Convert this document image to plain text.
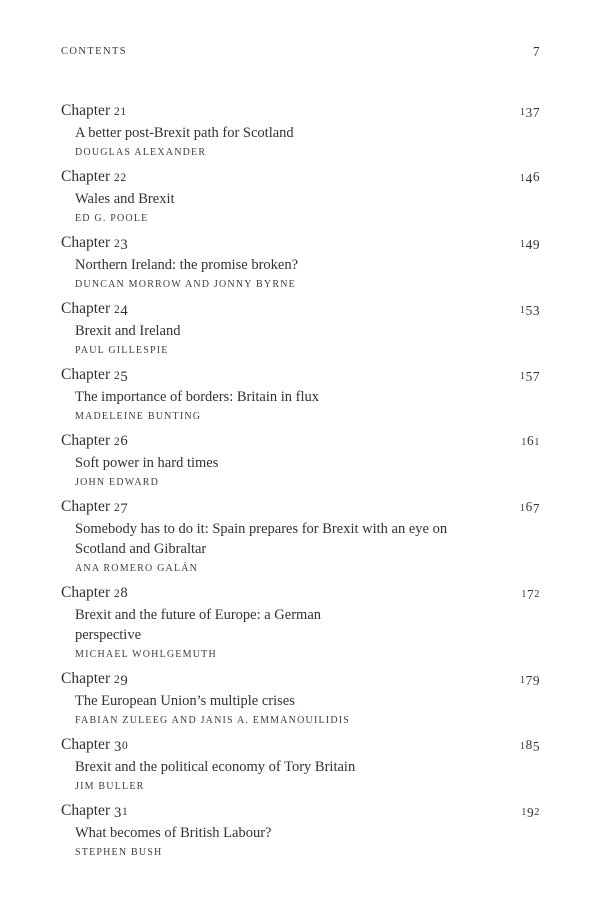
CONTENTS	7
Chapter 21	137
A better post-Brexit path for Scotland
DOUGLAS ALEXANDER
Chapter 22	146
Wales and Brexit
ED G. POOLE
Chapter 23	149
Northern Ireland: the promise broken?
DUNCAN MORROW AND JONNY BYRNE
Chapter 24	153
Brexit and Ireland
PAUL GILLESPIE
Chapter 25	157
The importance of borders: Britain in flux
MADELEINE BUNTING
Chapter 26	161
Soft power in hard times
JOHN EDWARD
Chapter 27	167
Somebody has to do it: Spain prepares for Brexit with an eye on
Scotland and Gibraltar
ANA ROMERO GALÁN
Chapter 28	172
Brexit and the future of Europe: a German
perspective
MICHAEL WOHLGEMUTH
Chapter 29	179
The European Union’s multiple crises
FABIAN ZULEEG AND JANIS A. EMMANOUILIDIS
Chapter 30	185
Brexit and the political economy of Tory Britain
JIM BULLER
Chapter 31	192
What becomes of British Labour?
STEPHEN BUSH
